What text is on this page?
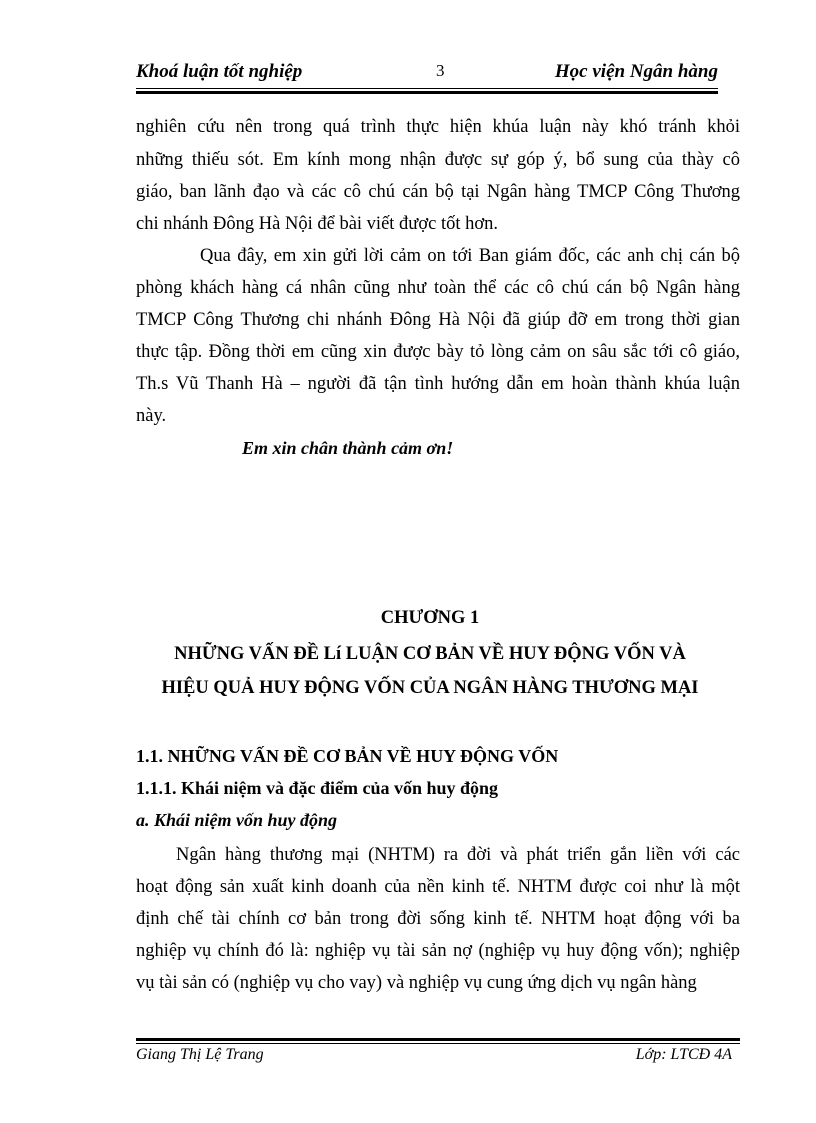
Khoá luận tốt nghiệp	3	Học viện Ngân hàng
nghiên cứu nên trong quá trình thực hiện khúa luận này khó tránh khỏi
những thiếu sót. Em kính mong nhận được sự góp ý, bổ sung của thày cô
giáo, ban lãnh đạo và các cô chú cán bộ tại Ngân hàng TMCP Công Thương
chi nhánh Đông Hà Nội để bài viết được tốt hơn.
Qua đây, em xin gửi lời cảm on tới Ban giám đốc, các anh chị cán bộ
phòng khách hàng cá nhân cũng như toàn thể các cô chú cán bộ Ngân hàng
TMCP Công Thương chi nhánh Đông Hà Nội đã giúp đỡ em trong thời gian
thực tập. Đồng thời em cũng xin được bày tỏ lòng cảm on sâu sắc tới cô giáo,
Th.s Vũ Thanh Hà – người đã tận tình hướng dẫn em hoàn thành khúa luận
này.
Em xin chân thành cảm ơn!
CHƯƠNG 1
NHỮNG VẤN ĐỀ Lí LUẬN CƠ BẢN VỀ HUY ĐỘNG VỐN VÀ
HIỆU QUẢ HUY ĐỘNG VỐN CỦA NGÂN HÀNG THƯƠNG MẠI
1.1. NHỮNG VẤN ĐỀ CƠ BẢN VỀ HUY ĐỘNG VỐN
1.1.1. Khái niệm và đặc điểm của vốn huy động
a. Khái niệm vốn huy động
Ngân hàng thương mại (NHTM) ra đời và phát triển gắn liền với các
hoạt động sản xuất kinh doanh của nền kinh tế. NHTM được coi như là một
định chế tài chính cơ bản trong đời sống kinh tế. NHTM hoạt động với ba
nghiệp vụ chính đó là: nghiệp vụ tài sản nợ (nghiệp vụ huy động vốn); nghiệp
vụ tài sản có (nghiệp vụ cho vay) và nghiệp vụ cung ứng dịch vụ ngân hàng
Giang Thị Lệ Trang	Lớp: LTCĐ 4A
